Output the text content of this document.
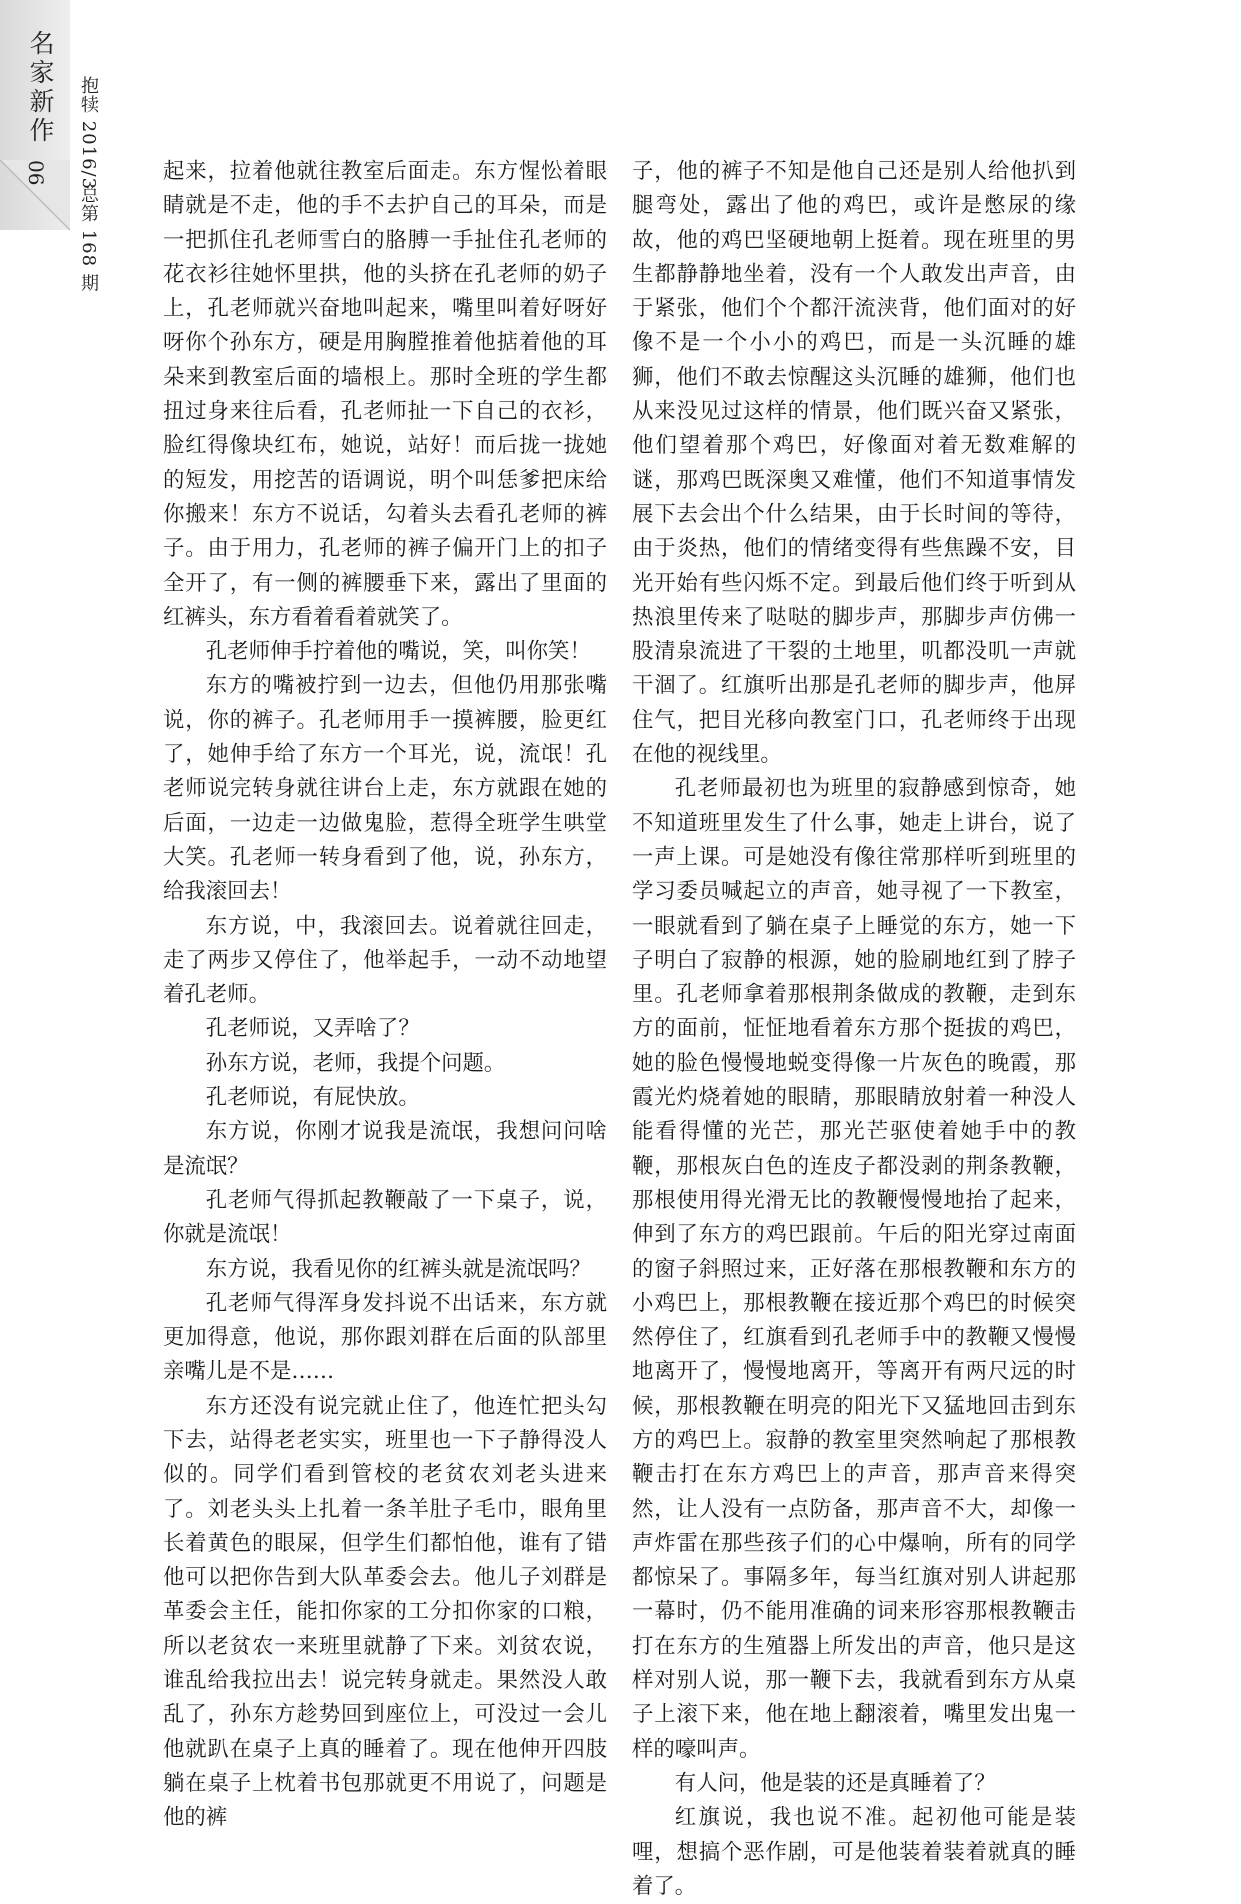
名家新作
06 抱犊 2016/3
总第 168 期

起来，拉着他就往教室后面走。东方惺忪着眼睛就是不走，他的手不去护自己的耳朵，而是一把抓住孔老师雪白的胳膊一手扯住孔老师的花衣衫往她怀里拱，他的头挤在孔老师的奶子上，孔老师就兴奋地叫起来，嘴里叫着好呀好呀你个孙东方，硬是用胸膛推着他掂着他的耳朵来到教室后面的墙根上。那时全班的学生都扭过身来往后看，孔老师扯一下自己的衣衫，脸红得像块红布，她说，站好！而后拢一拢她的短发，用挖苦的语调说，明个叫恁爹把床给你搬来！东方不说话，勾着头去看孔老师的裤子。由于用力，孔老师的裤子偏开门上的扣子全开了，有一侧的裤腰垂下来，露出了里面的红裤头，东方看着看着就笑了。

孔老师伸手拧着他的嘴说，笑，叫你笑！

东方的嘴被拧到一边去，但他仍用那张嘴说，你的裤子。孔老师用手一摸裤腰，脸更红了，她伸手给了东方一个耳光，说，流氓！孔老师说完转身就往讲台上走，东方就跟在她的后面，一边走一边做鬼脸，惹得全班学生哄堂大笑。孔老师一转身看到了他，说，孙东方，给我滚回去！

东方说，中，我滚回去。说着就往回走，走了两步又停住了，他举起手，一动不动地望着孔老师。

孔老师说，又弄啥了？

孙东方说，老师，我提个问题。

孔老师说，有屁快放。

东方说，你刚才说我是流氓，我想问问啥是流氓？

孔老师气得抓起教鞭敲了一下桌子，说，你就是流氓！

东方说，我看见你的红裤头就是流氓吗？

孔老师气得浑身发抖说不出话来，东方就更加得意，他说，那你跟刘群在后面的队部里亲嘴儿是不是……

东方还没有说完就止住了，他连忙把头勾下去，站得老老实实，班里也一下子静得没人似的。同学们看到管校的老贫农刘老头进来了。刘老头头上扎着一条羊肚子毛巾，眼角里长着黄色的眼屎，但学生们都怕他，谁有了错他可以把你告到大队革委会去。他儿子刘群是革委会主任，能扣你家的工分扣你家的口粮，所以老贫农一来班里就静了下来。刘贫农说，谁乱给我拉出去！说完转身就走。果然没人敢乱了，孙东方趁势回到座位上，可没过一会儿他就趴在桌子上真的睡着了。现在他伸开四肢躺在桌子上枕着书包那就更不用说了，问题是他的裤

子，他的裤子不知是他自己还是别人给他扒到腿弯处，露出了他的鸡巴，或许是憋尿的缘故，他的鸡巴坚硬地朝上挺着。现在班里的男生都静静地坐着，没有一个人敢发出声音，由于紧张，他们个个都汗流浃背，他们面对的好像不是一个小小的鸡巴，而是一头沉睡的雄狮，他们不敢去惊醒这头沉睡的雄狮，他们也从来没见过这样的情景，他们既兴奋又紧张，他们望着那个鸡巴，好像面对着无数难解的谜，那鸡巴既深奥又难懂，他们不知道事情发展下去会出个什么结果，由于长时间的等待，由于炎热，他们的情绪变得有些焦躁不安，目光开始有些闪烁不定。到最后他们终于听到从热浪里传来了哒哒的脚步声，那脚步声仿佛一股清泉流进了干裂的土地里，叽都没叽一声就干涸了。红旗听出那是孔老师的脚步声，他屏住气，把目光移向教室门口，孔老师终于出现在他的视线里。

孔老师最初也为班里的寂静感到惊奇，她不知道班里发生了什么事，她走上讲台，说了一声上课。可是她没有像往常那样听到班里的学习委员喊起立的声音，她寻视了一下教室，一眼就看到了躺在桌子上睡觉的东方，她一下子明白了寂静的根源，她的脸刷地红到了脖子里。孔老师拿着那根荆条做成的教鞭，走到东方的面前，怔怔地看着东方那个挺拔的鸡巴，她的脸色慢慢地蜕变得像一片灰色的晚霞，那霞光灼烧着她的眼睛，那眼睛放射着一种没人能看得懂的光芒，那光芒驱使着她手中的教鞭，那根灰白色的连皮子都没剥的荆条教鞭，那根使用得光滑无比的教鞭慢慢地抬了起来，伸到了东方的鸡巴跟前。午后的阳光穿过南面的窗子斜照过来，正好落在那根教鞭和东方的小鸡巴上，那根教鞭在接近那个鸡巴的时候突然停住了，红旗看到孔老师手中的教鞭又慢慢地离开了，慢慢地离开，等离开有两尺远的时候，那根教鞭在明亮的阳光下又猛地回击到东方的鸡巴上。寂静的教室里突然响起了那根教鞭击打在东方鸡巴上的声音，那声音来得突然，让人没有一点防备，那声音不大，却像一声炸雷在那些孩子们的心中爆响，所有的同学都惊呆了。事隔多年，每当红旗对别人讲起那一幕时，仍不能用准确的词来形容那根教鞭击打在东方的生殖器上所发出的声音，他只是这样对别人说，那一鞭下去，我就看到东方从桌子上滚下来，他在地上翻滚着，嘴里发出鬼一样的嚎叫声。

有人问，他是装的还是真睡着了？

红旗说，我也说不准。起初他可能是装哩，想搞个恶作剧，可是他装着装着就真的睡着了。
